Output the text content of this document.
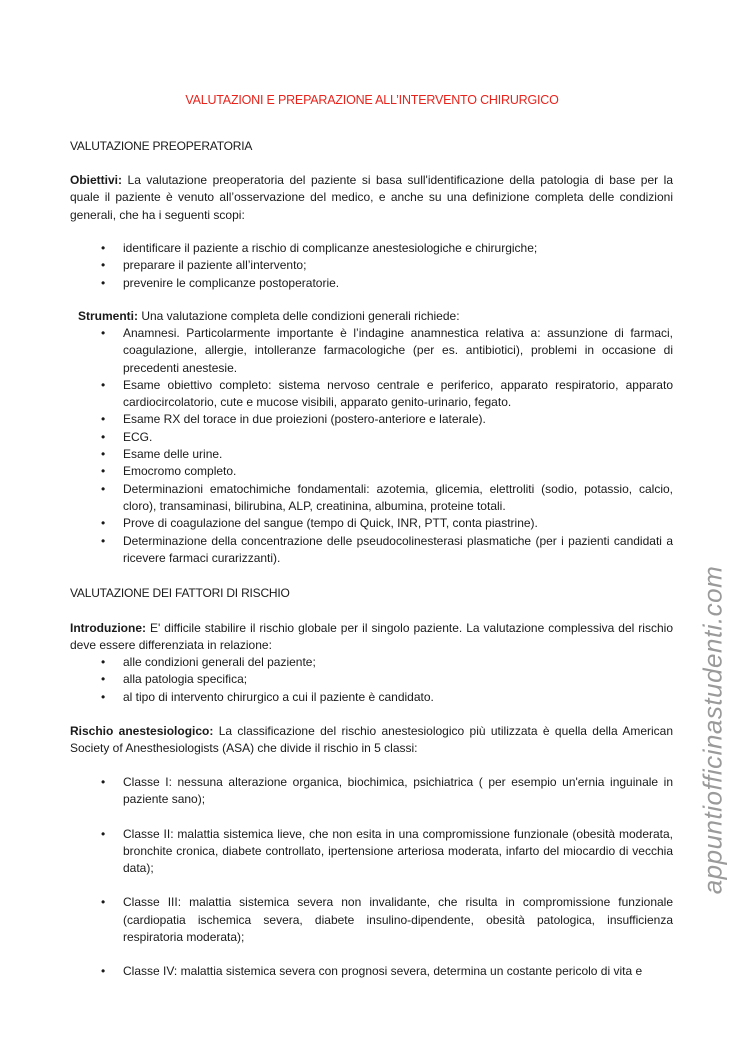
VALUTAZIONI E PREPARAZIONE ALL’INTERVENTO CHIRURGICO
VALUTAZIONE PREOPERATORIA
Obiettivi: La valutazione preoperatoria del paziente si basa sull'identificazione della patologia di base per la quale il paziente è venuto all’osservazione del medico, e anche su una definizione completa delle condizioni generali, che ha i seguenti scopi:
• identificare il paziente a rischio di complicanze anestesiologiche e chirurgiche;
• preparare il paziente all’intervento;
• prevenire le complicanze postoperatorie.
Strumenti: Una valutazione completa delle condizioni generali richiede:
• Anamnesi. Particolarmente importante è l’indagine anamnestica relativa a: assunzione di farmaci, coagulazione, allergie, intolleranze farmacologiche (per es. antibiotici), problemi in occasione di precedenti anestesie.
• Esame obiettivo completo: sistema nervoso centrale e periferico, apparato respiratorio, apparato cardiocircolatorio, cute e mucose visibili, apparato genito-urinario, fegato.
• Esame RX del torace in due proiezioni (postero-anteriore e laterale).
• ECG.
• Esame delle urine.
• Emocromo completo.
• Determinazioni ematochimiche fondamentali: azotemia, glicemia, elettroliti (sodio, potassio, calcio, cloro), transaminasi, bilirubina, ALP, creatinina, albumina, proteine totali.
• Prove di coagulazione del sangue (tempo di Quick, INR, PTT, conta piastrine).
• Determinazione della concentrazione delle pseudocolinesterasi plasmatiche (per i pazienti candidati a ricevere farmaci curarizzanti).
VALUTAZIONE DEI FATTORI DI RISCHIO
Introduzione: E' difficile stabilire il rischio globale per il singolo paziente. La valutazione complessiva del rischio deve essere differenziata in relazione:
• alle condizioni generali del paziente;
• alla patologia specifica;
• al tipo di intervento chirurgico a cui il paziente è candidato.
Rischio anestesiologico: La classificazione del rischio anestesiologico più utilizzata è quella della American Society of Anesthesiologists (ASA) che divide il rischio in 5 classi:
• Classe I: nessuna alterazione organica, biochimica, psichiatrica ( per esempio un'ernia inguinale in paziente sano);
• Classe II: malattia sistemica lieve, che non esita in una compromissione funzionale (obesità moderata, bronchite cronica, diabete controllato, ipertensione arteriosa moderata, infarto del miocardio di vecchia data);
• Classe III: malattia sistemica severa non invalidante, che risulta in compromissione funzionale (cardiopatia ischemica severa, diabete insulino-dipendente, obesità patologica, insufficienza respiratoria moderata);
• Classe IV: malattia sistemica severa con prognosi severa, determina un costante pericolo di vita e
appuntiofficinastudenti.com
